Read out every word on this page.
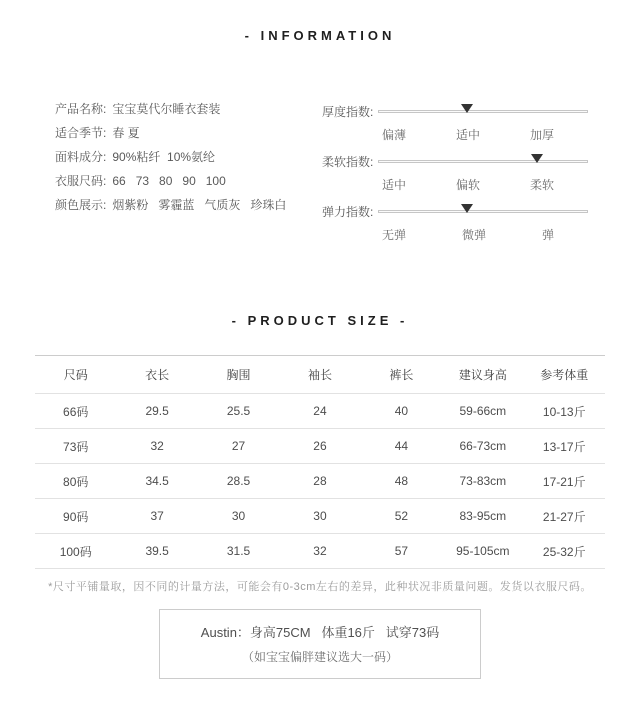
- INFORMATION
产品名称: 宝宝莫代尔睡衣套装
适合季节: 春 夏
面料成分: 90%粘纤  10%氨纶
衣服尺码: 66   73   80   90   100
颜色展示: 烟紫粉   雾霾蓝   气质灰   珍珠白
厚度指数:
偏薄	适中	加厚
柔软指数:
适中	偏软	柔软
弹力指数:
无弹	微弹	弹
- PRODUCT SIZE -
尺码	衣长	胸围	袖长	裤长	建议身高	参考体重
66码	29.5	25.5	24	40	59-66cm	10-13斤
73码	32	27	26	44	66-73cm	13-17斤
80码	34.5	28.5	28	48	73-83cm	17-21斤
90码	37	30	30	52	83-95cm	21-27斤
100码	39.5	31.5	32	57	95-105cm	25-32斤
*尺寸平铺量取，因不同的计量方法，可能会有0-3cm左右的差异，此种状况非质量问题。发货以衣服尺码。
Austin：身高75CM   体重16斤   试穿73码
（如宝宝偏胖建议选大一码）
